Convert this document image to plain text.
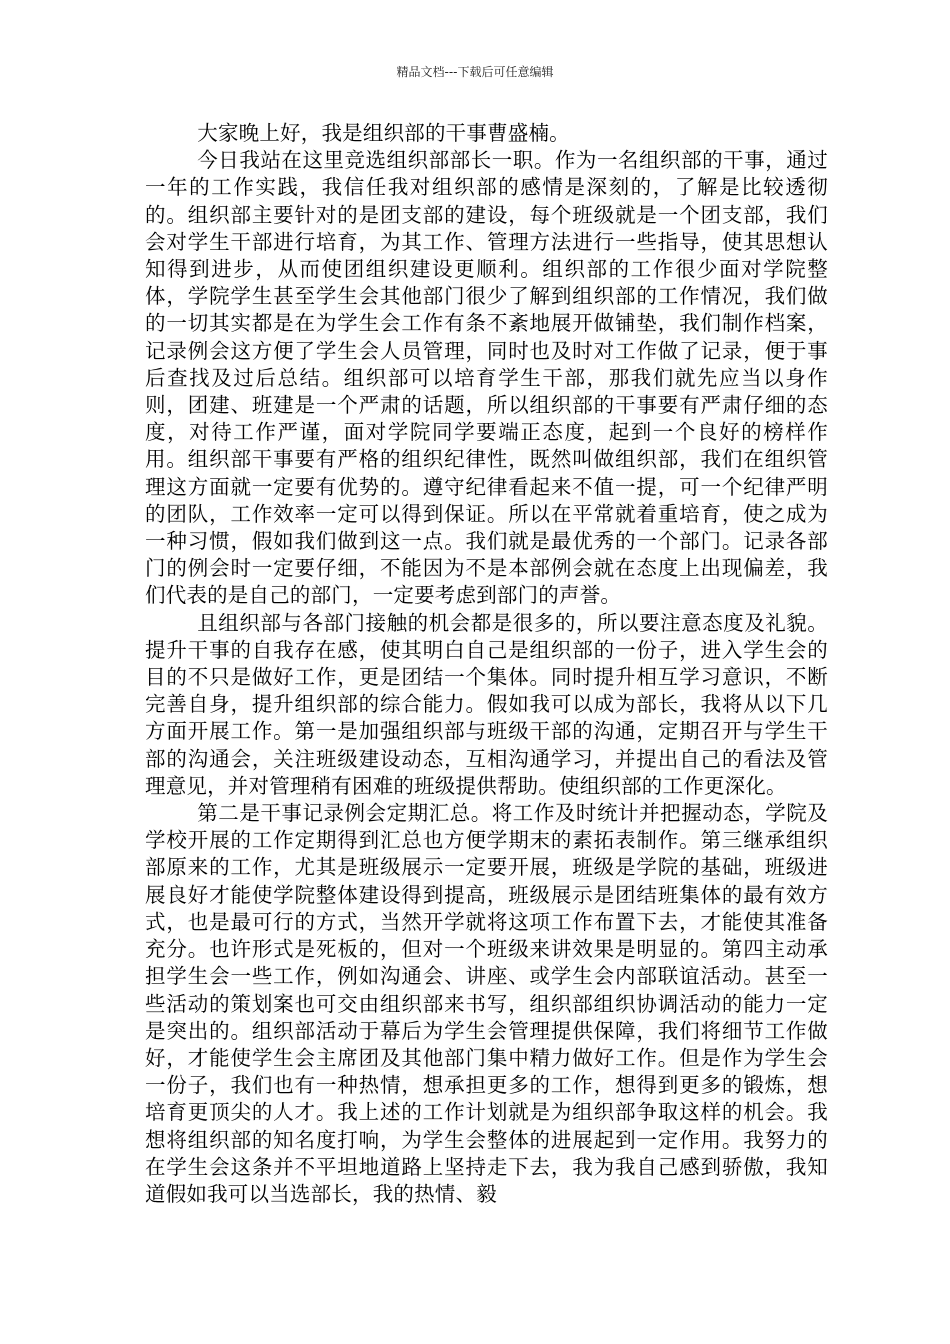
精品文档---下载后可任意编辑

大家晚上好，我是组织部的干事曹盛楠。

今日我站在这里竞选组织部部长一职。作为一名组织部的干事，通过一年的工作实践，我信任我对组织部的感情是深刻的，了解是比较透彻的。组织部主要针对的是团支部的建设，每个班级就是一个团支部，我们会对学生干部进行培育，为其工作、管理方法进行一些指导，使其思想认知得到进步，从而使团组织建设更顺利。组织部的工作很少面对学院整体，学院学生甚至学生会其他部门很少了解到组织部的工作情况，我们做的一切其实都是在为学生会工作有条不紊地展开做铺垫，我们制作档案，记录例会这方便了学生会人员管理，同时也及时对工作做了记录，便于事后查找及过后总结。组织部可以培育学生干部，那我们就先应当以身作则，团建、班建是一个严肃的话题，所以组织部的干事要有严肃仔细的态度，对待工作严谨，面对学院同学要端正态度，起到一个良好的榜样作用。组织部干事要有严格的组织纪律性，既然叫做组织部，我们在组织管理这方面就一定要有优势的。遵守纪律看起来不值一提，可一个纪律严明的团队，工作效率一定可以得到保证。所以在平常就着重培育，使之成为一种习惯，假如我们做到这一点。我们就是最优秀的一个部门。记录各部门的例会时一定要仔细，不能因为不是本部例会就在态度上出现偏差，我们代表的是自己的部门，一定要考虑到部门的声誉。

且组织部与各部门接触的机会都是很多的，所以要注意态度及礼貌。提升干事的自我存在感，使其明白自己是组织部的一份子，进入学生会的目的不只是做好工作，更是团结一个集体。同时提升相互学习意识，不断完善自身，提升组织部的综合能力。假如我可以成为部长，我将从以下几方面开展工作。第一是加强组织部与班级干部的沟通，定期召开与学生干部的沟通会，关注班级建设动态，互相沟通学习，并提出自己的看法及管理意见，并对管理稍有困难的班级提供帮助。使组织部的工作更深化。

第二是干事记录例会定期汇总。将工作及时统计并把握动态，学院及学校开展的工作定期得到汇总也方便学期末的素拓表制作。第三继承组织部原来的工作，尤其是班级展示一定要开展，班级是学院的基础，班级进展良好才能使学院整体建设得到提高，班级展示是团结班集体的最有效方式，也是最可行的方式，当然开学就将这项工作布置下去，才能使其准备充分。也许形式是死板的，但对一个班级来讲效果是明显的。第四主动承担学生会一些工作，例如沟通会、讲座、或学生会内部联谊活动。甚至一些活动的策划案也可交由组织部来书写，组织部组织协调活动的能力一定是突出的。组织部活动于幕后为学生会管理提供保障，我们将细节工作做好，才能使学生会主席团及其他部门集中精力做好工作。但是作为学生会一份子，我们也有一种热情，想承担更多的工作，想得到更多的锻炼，想培育更顶尖的人才。我上述的工作计划就是为组织部争取这样的机会。我想将组织部的知名度打响，为学生会整体的进展起到一定作用。我努力的在学生会这条并不平坦地道路上坚持走下去，我为我自己感到骄傲，我知道假如我可以当选部长，我的热情、毅
